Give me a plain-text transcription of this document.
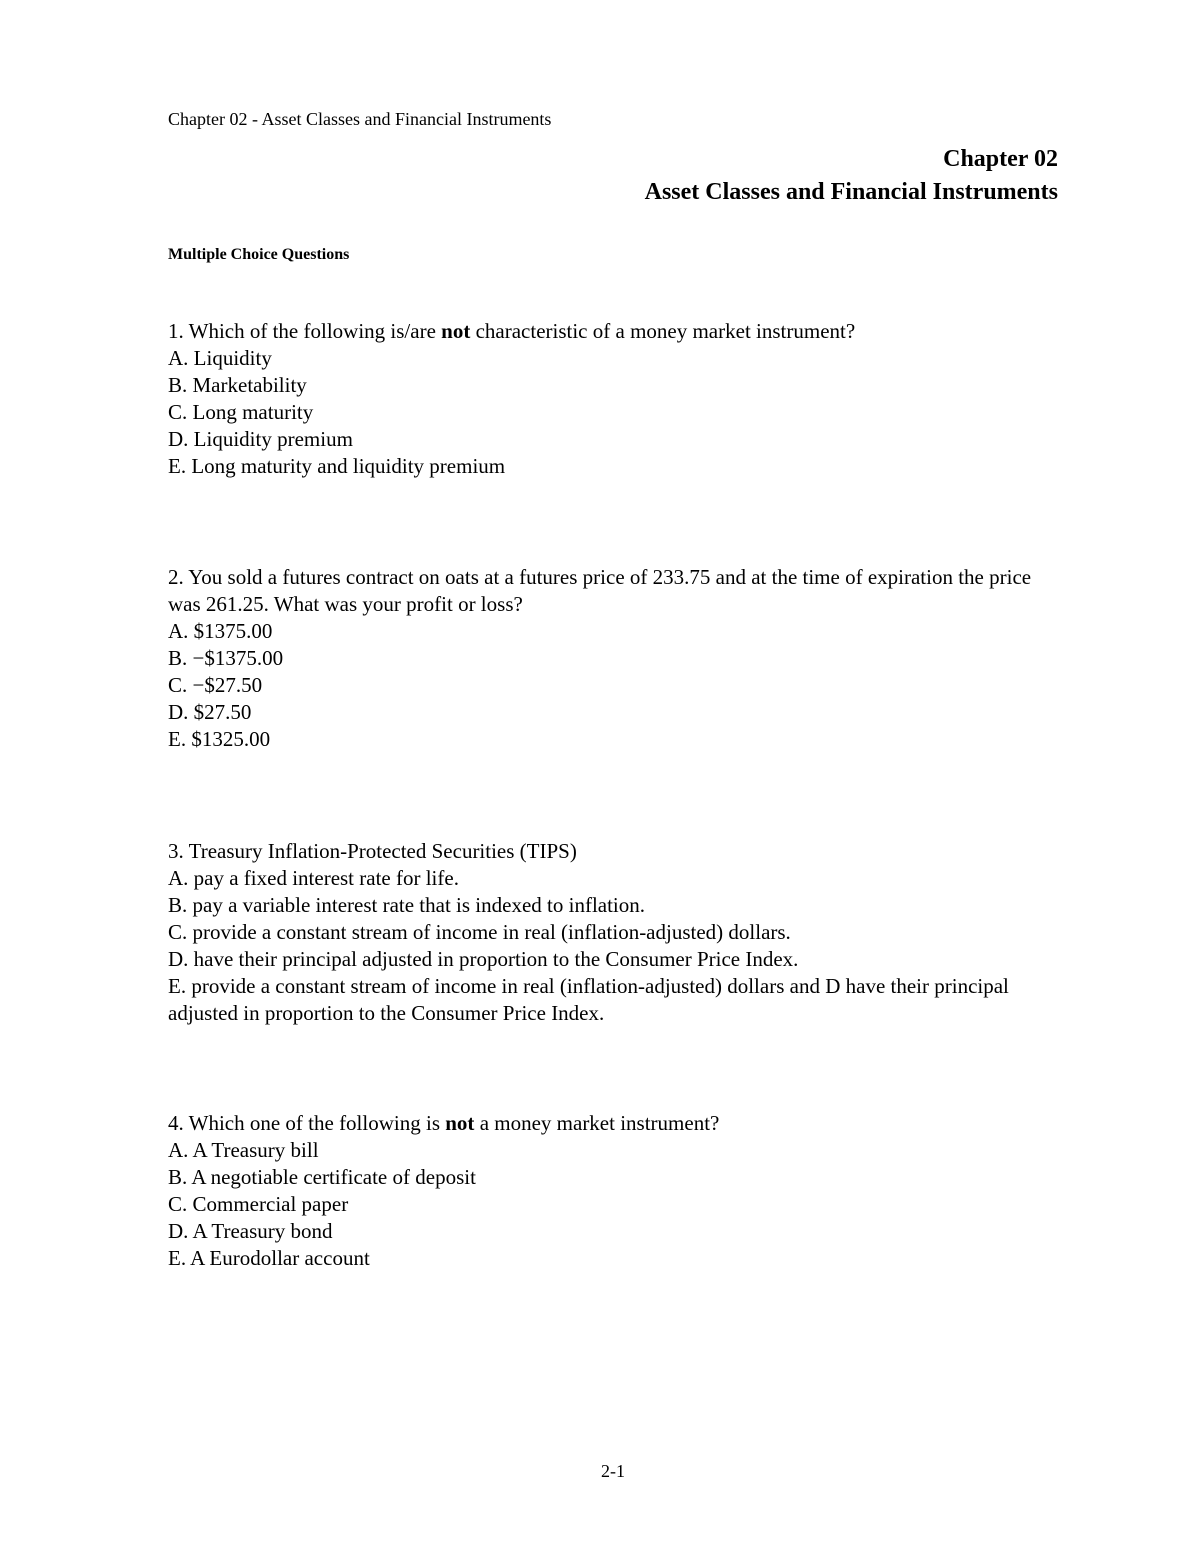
Chapter 02 - Asset Classes and Financial Instruments
Chapter 02
Asset Classes and Financial Instruments
Multiple Choice Questions

1. Which of the following is/are not characteristic of a money market instrument?

A. Liquidity

B. Marketability

C. Long maturity

D. Liquidity premium

E. Long maturity and liquidity premium

2. You sold a futures contract on oats at a futures price of 233.75 and at the time of expiration the price was 261.25. What was your profit or loss?

A. $1375.00

B. −$1375.00

C. −$27.50

D. $27.50

E. $1325.00

3. Treasury Inflation-Protected Securities (TIPS)

A. pay a fixed interest rate for life.

B. pay a variable interest rate that is indexed to inflation.

C. provide a constant stream of income in real (inflation-adjusted) dollars.

D. have their principal adjusted in proportion to the Consumer Price Index.

E. provide a constant stream of income in real (inflation-adjusted) dollars and D have their principal adjusted in proportion to the Consumer Price Index.

4. Which one of the following is not a money market instrument?

A. A Treasury bill

B. A negotiable certificate of deposit

C. Commercial paper

D. A Treasury bond

E. A Eurodollar account

2-1
